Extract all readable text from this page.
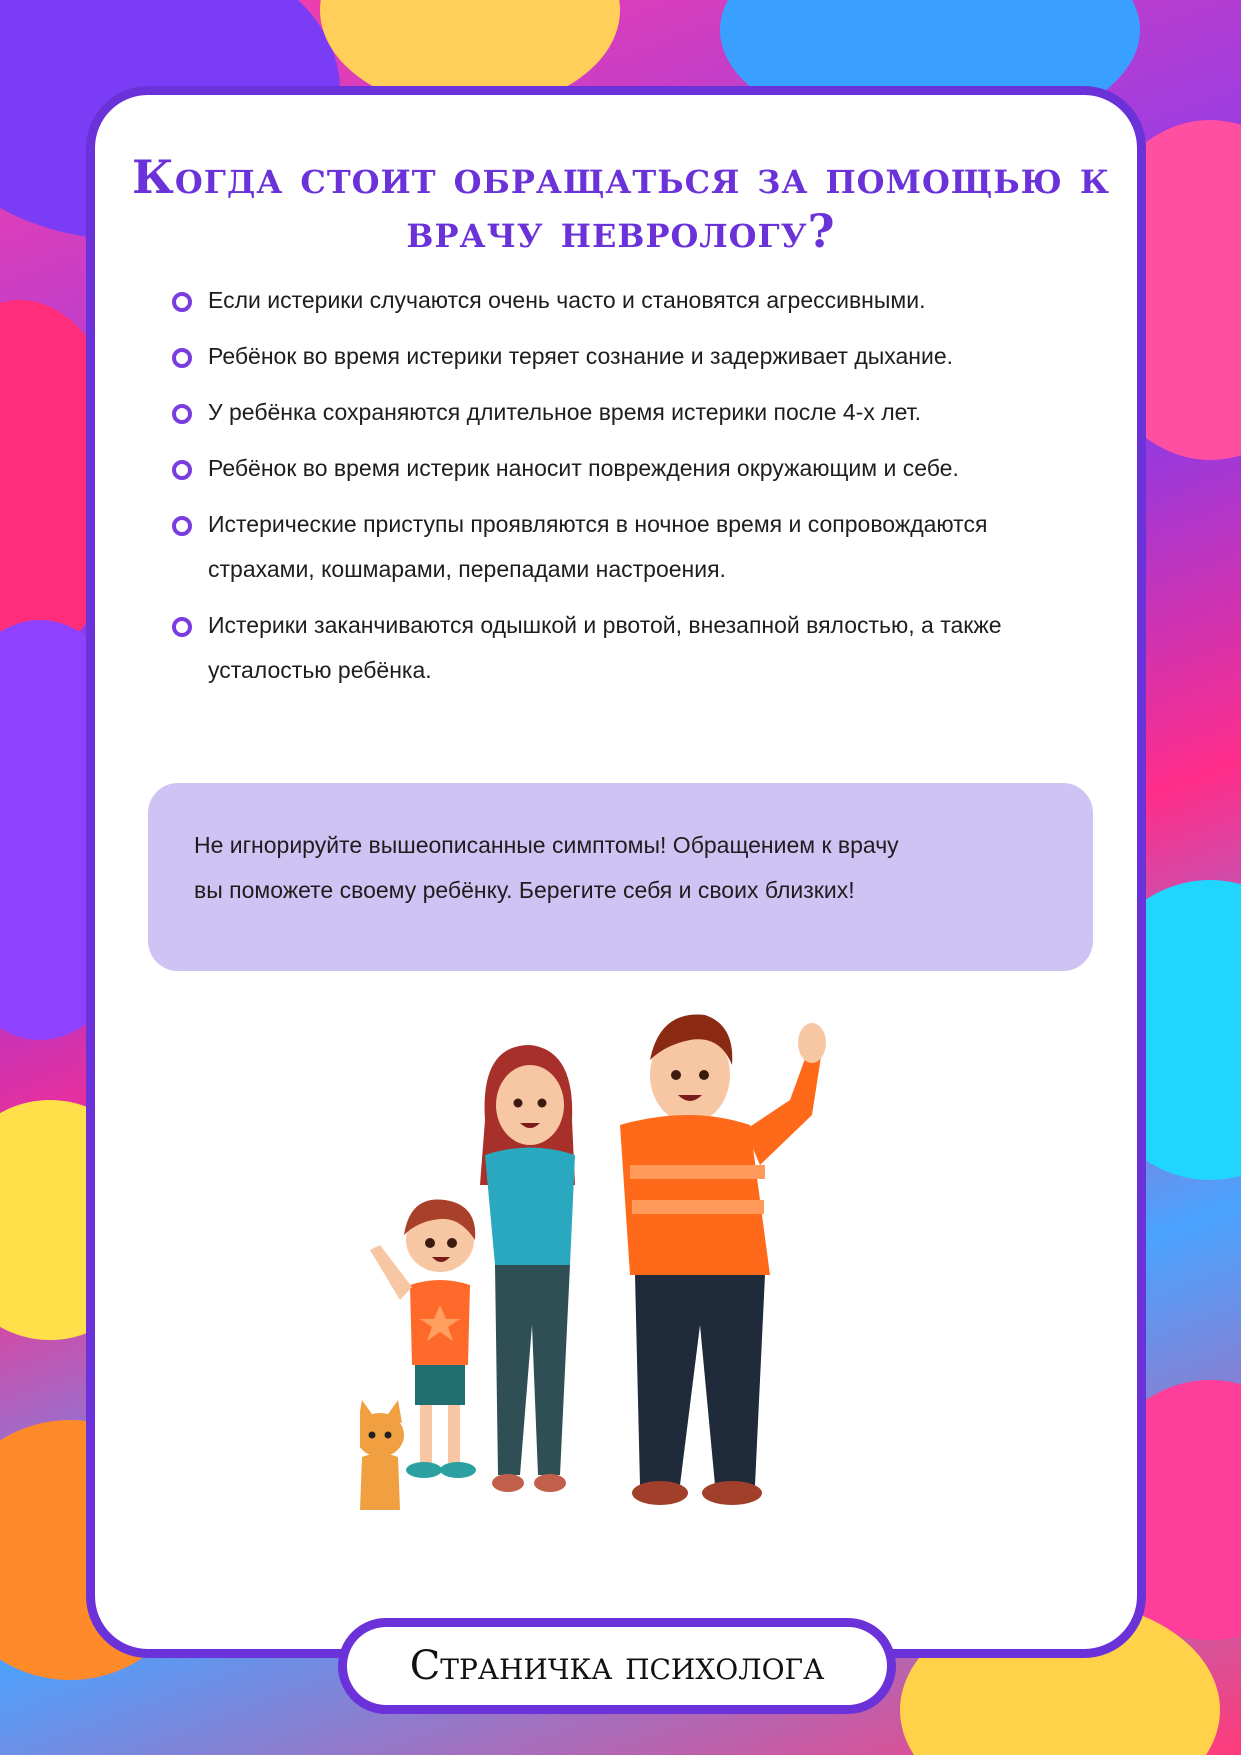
Когда стоит обращаться за помощью к врачу неврологу?
Если истерики случаются очень часто и становятся агрессивными.
Ребёнок во время истерики теряет сознание и задерживает дыхание.
У ребёнка сохраняются длительное время истерики после 4-х лет.
Ребёнок во время истерик наносит повреждения окружающим и себе.
Истерические приступы проявляются в ночное время и сопровождаются страхами, кошмарами, перепадами настроения.
Истерики заканчиваются одышкой и рвотой, внезапной вялостью, а также усталостью ребёнка.

Не игнорируйте вышеописанные симптомы! Обращением к врачу

вы поможете своему ребёнку. Берегите себя и своих близких!

Страничка психолога
